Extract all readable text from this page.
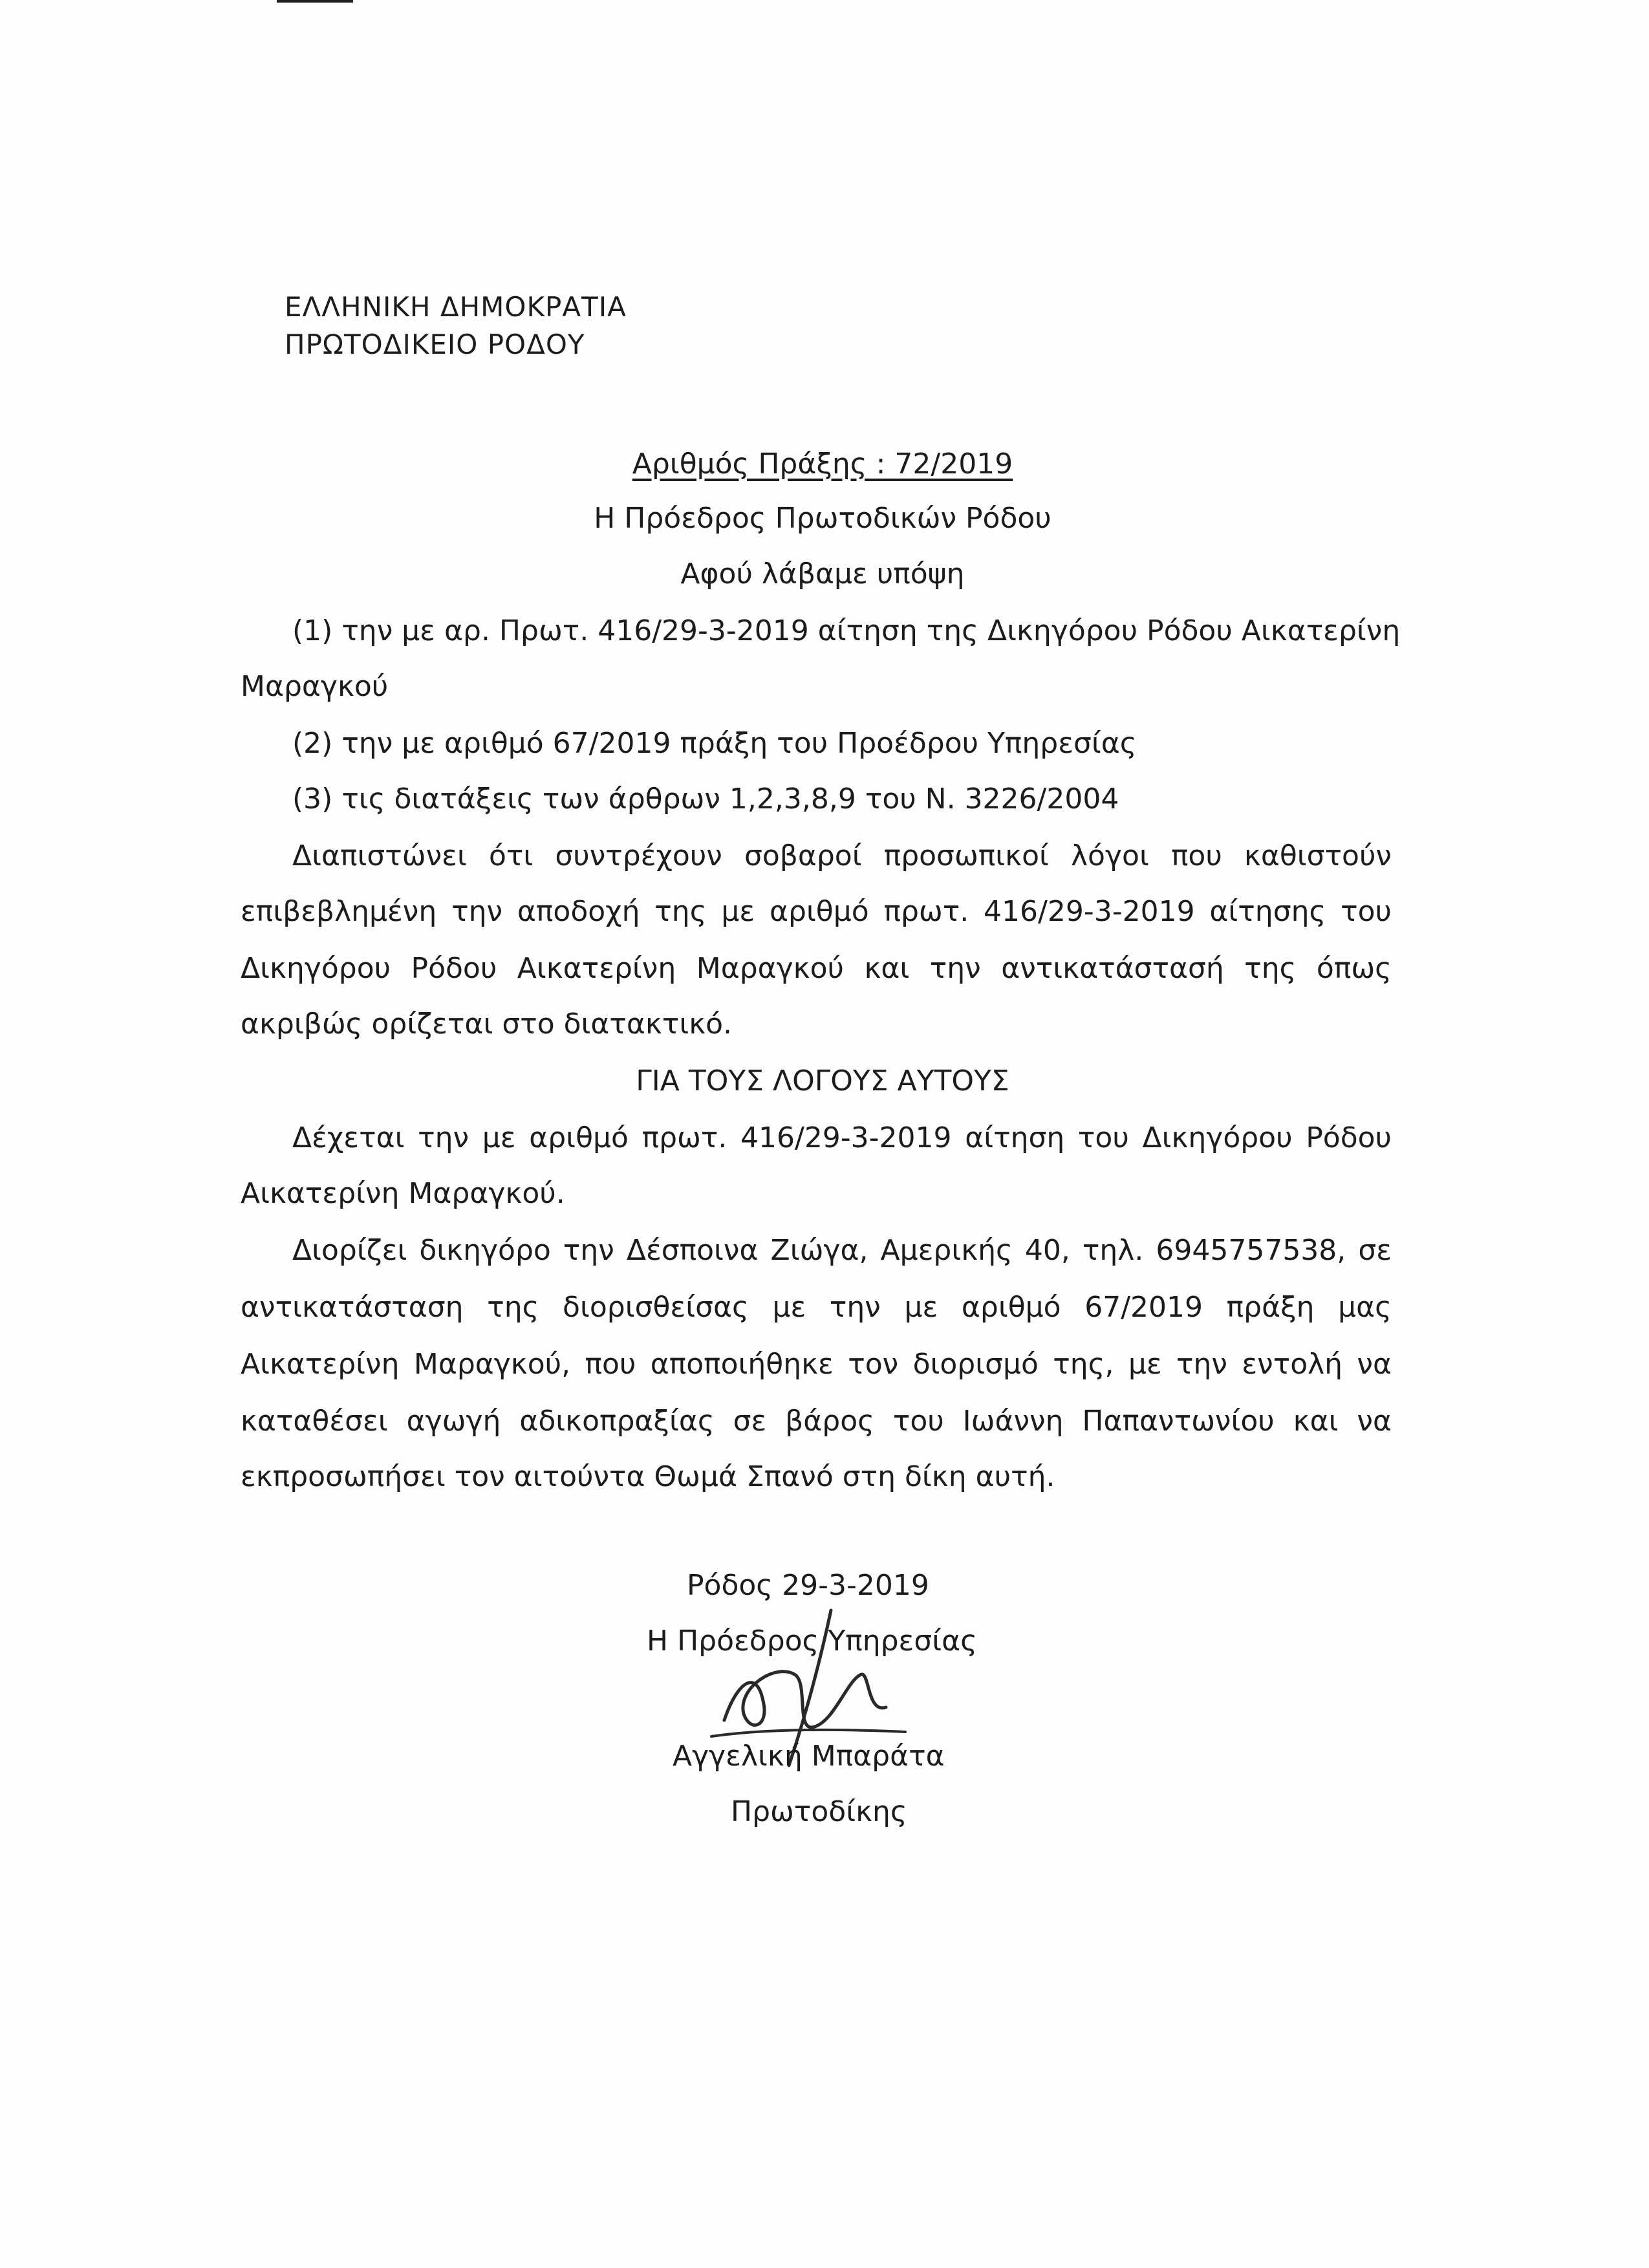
ΕΛΛΗΝΙΚΗ ΔΗΜΟΚΡΑΤΙΑ
ΠΡΩΤΟΔΙΚΕΙΟ ΡΟΔΟΥ
Αριθμός Πράξης : 72/2019
Η Πρόεδρος Πρωτοδικών Ρόδου
Αφού λάβαμε υπόψη
(1) την με αρ. Πρωτ. 416/29-3-2019 αίτηση της Δικηγόρου Ρόδου Αικατερίνη
Μαραγκού
(2) την με αριθμό 67/2019 πράξη του Προέδρου Υπηρεσίας
(3) τις διατάξεις των άρθρων 1,2,3,8,9 του Ν. 3226/2004
Διαπιστώνει ότι συντρέχουν σοβαροί προσωπικοί λόγοι που καθιστούν
επιβεβλημένη την αποδοχή της με αριθμό πρωτ. 416/29-3-2019 αίτησης του
Δικηγόρου Ρόδου Αικατερίνη Μαραγκού και την αντικατάστασή της όπως
ακριβώς ορίζεται στο διατακτικό.
ΓΙΑ ΤΟΥΣ ΛΟΓΟΥΣ ΑΥΤΟΥΣ
Δέχεται την με αριθμό πρωτ. 416/29-3-2019 αίτηση του Δικηγόρου Ρόδου
Αικατερίνη Μαραγκού.
Διορίζει δικηγόρο την Δέσποινα Ζιώγα, Αμερικής 40, τηλ. 6945757538, σε
αντικατάσταση της διορισθείσας με την με αριθμό 67/2019 πράξη μας
Αικατερίνη Μαραγκού, που αποποιήθηκε τον διορισμό της, με την εντολή να
καταθέσει αγωγή αδικοπραξίας σε βάρος του Ιωάννη Παπαντωνίου και να
εκπροσωπήσει τον αιτούντα Θωμά Σπανό στη δίκη αυτή.
Ρόδος 29-3-2019
Η Πρόεδρος Υπηρεσίας
Αγγελική Μπαράτα
Πρωτοδίκης
